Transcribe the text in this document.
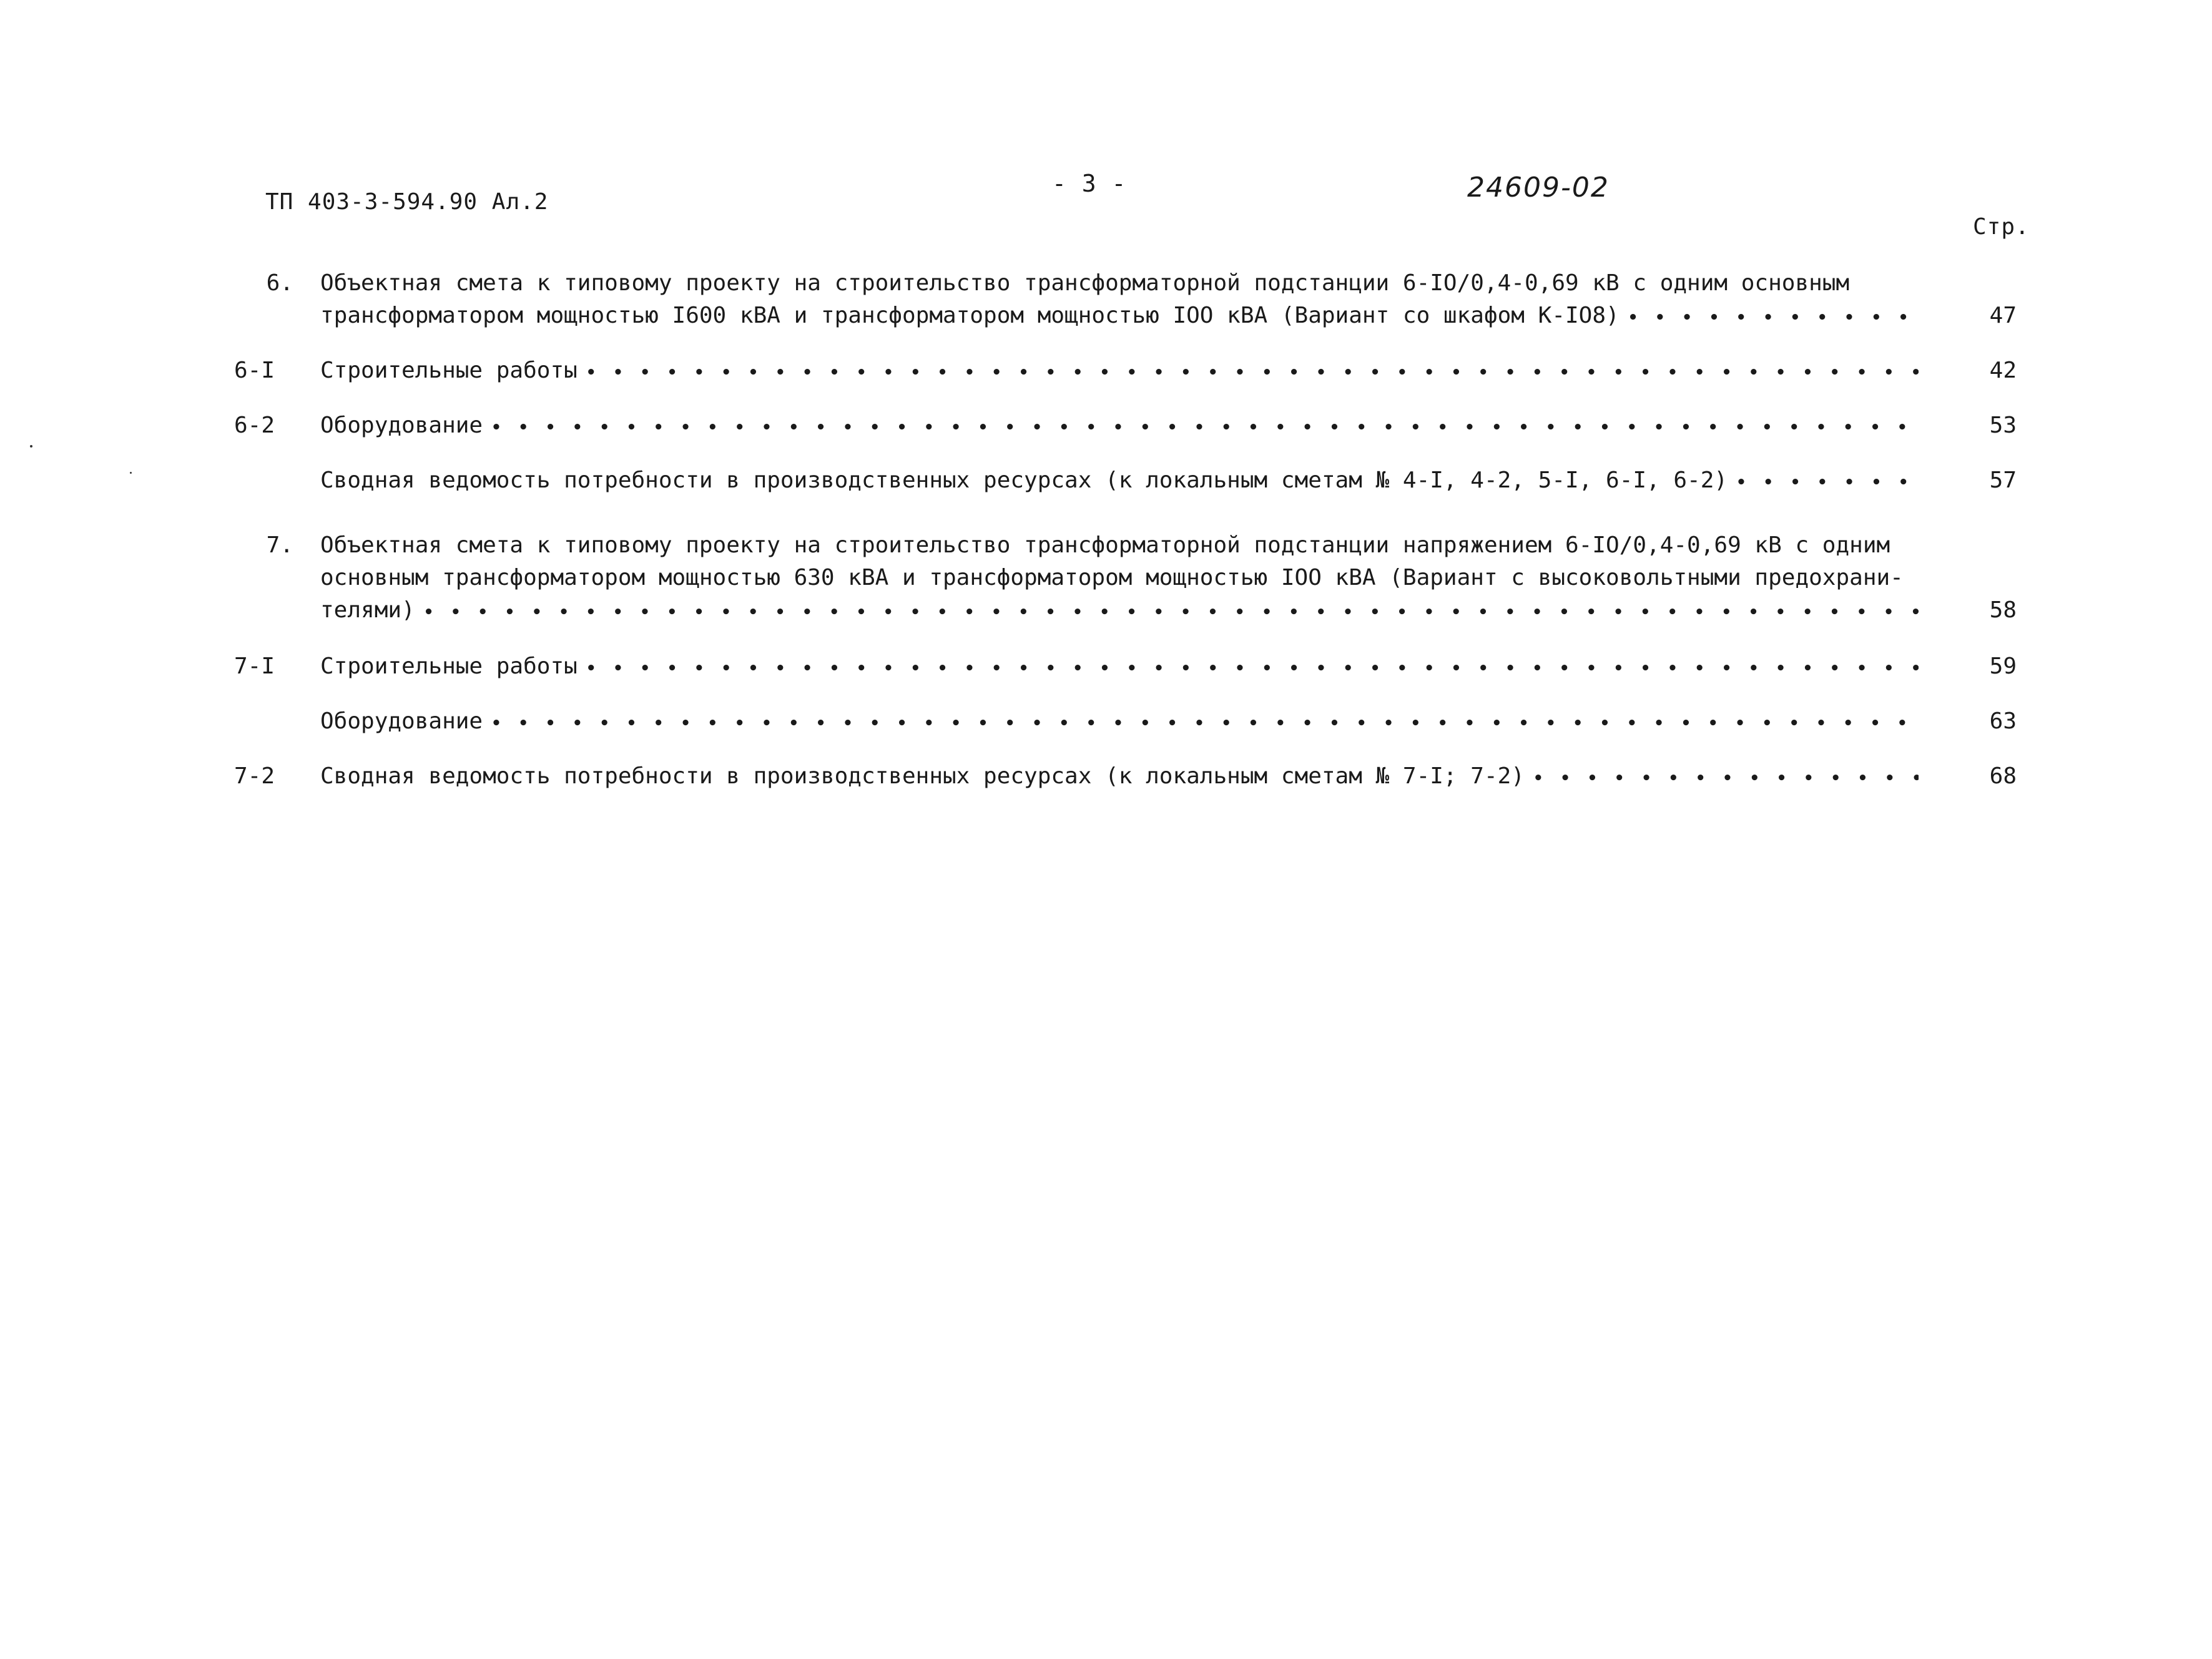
ТП 403-3-594.90 Ал.2
- 3 -	24609-02
Стр.
6. Объектная смета к типовому проекту на строительство трансформаторной подстанции 6-IO/0,4-0,69 кВ с одним основным
трансформатором мощностью I600 кВА и трансформатором мощностью IOO кВА (Вариант со шкафом К-IO8) • • •	47
6-I Строительные работы • • •	42
6-2 Оборудование • • •	53
Сводная ведомость потребности в производственных ресурсах (к локальным сметам № 4-I, 4-2, 5-I, 6-I, 6-2) • • •	57
7. Объектная смета к типовому проекту на строительство трансформаторной подстанции напряжением 6-IO/0,4-0,69 кВ с одним
основным трансформатором мощностью 630 кВА и трансформатором мощностью IOO кВА (Вариант с высоковольтными предохрани-
телями) • • •	58
7-I Строительные работы • • •	59
Оборудование • • •	63
7-2 Сводная ведомость потребности в производственных ресурсах (к локальным сметам № 7-I; 7-2) • • •	68
